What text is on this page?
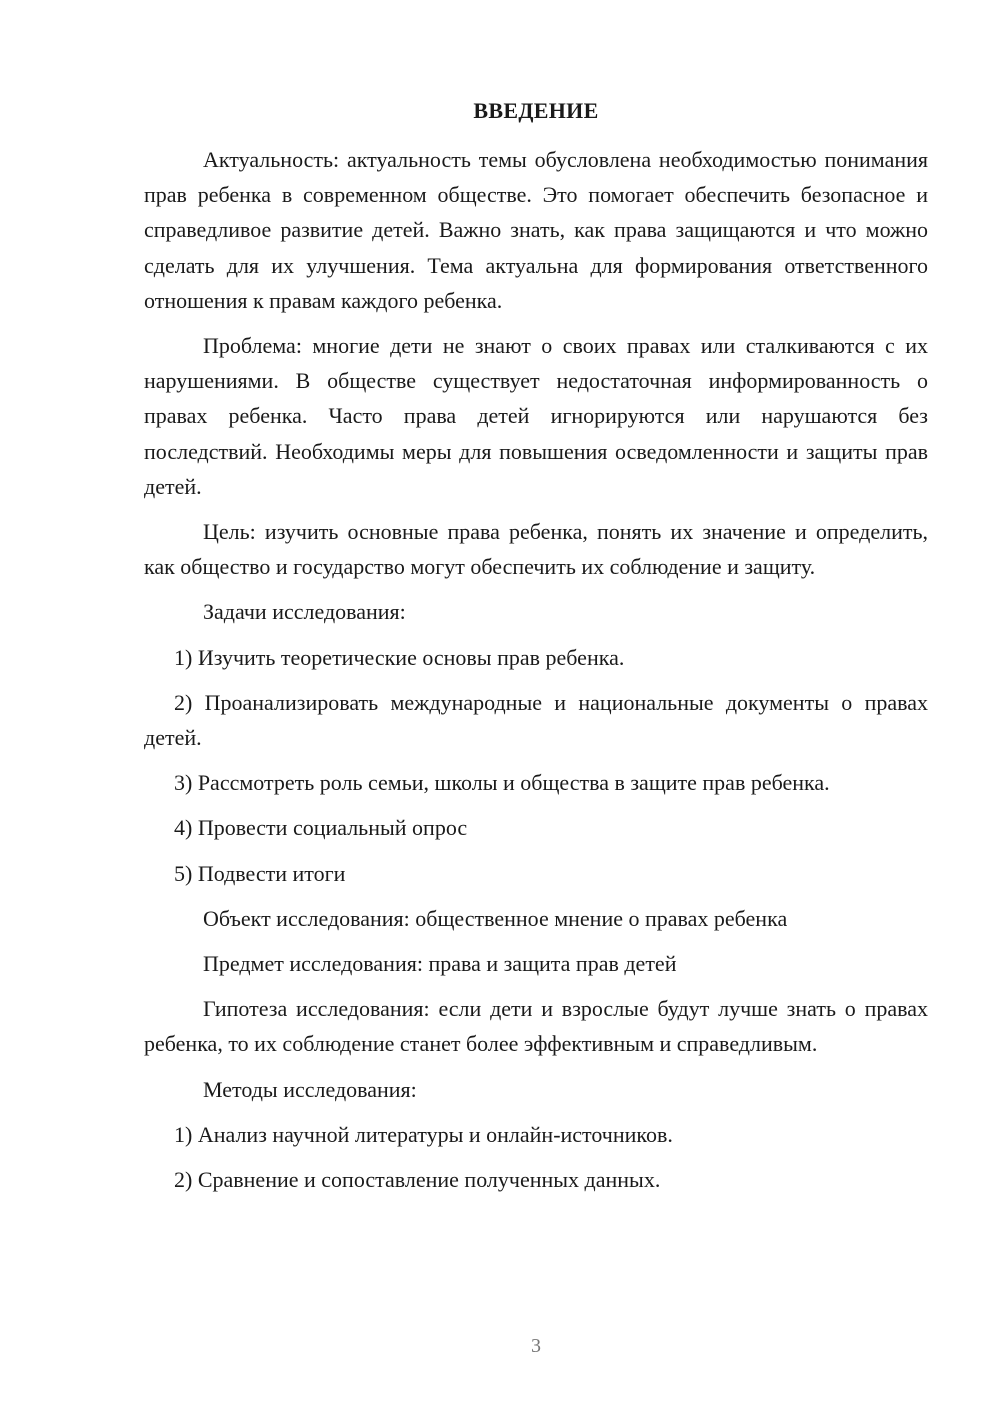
ВВЕДЕНИЕ

Актуальность: актуальность темы обусловлена необходимостью понимания прав ребенка в современном обществе. Это помогает обеспечить безопасное и справедливое развитие детей. Важно знать, как права защищаются и что можно сделать для их улучшения. Тема актуальна для формирования ответственного отношения к правам каждого ребенка.

Проблема: многие дети не знают о своих правах или сталкиваются с их нарушениями. В обществе существует недостаточная информированность о правах ребенка. Часто права детей игнорируются или нарушаются без последствий. Необходимы меры для повышения осведомленности и защиты прав детей.

Цель: изучить основные права ребенка, понять их значение и определить, как общество и государство могут обеспечить их соблюдение и защиту.

Задачи исследования:

1) Изучить теоретические основы прав ребенка.

2) Проанализировать международные и национальные документы о правах детей.

3) Рассмотреть роль семьи, школы и общества в защите прав ребенка.

4) Провести социальный опрос

5) Подвести итоги

Объект исследования: общественное мнение о правах ребенка

Предмет исследования: права и защита прав детей

Гипотеза исследования: если дети и взрослые будут лучше знать о правах ребенка, то их соблюдение станет более эффективным и справедливым.

Методы исследования:

1) Анализ научной литературы и онлайн-источников.

2) Сравнение и сопоставление полученных данных.

3
